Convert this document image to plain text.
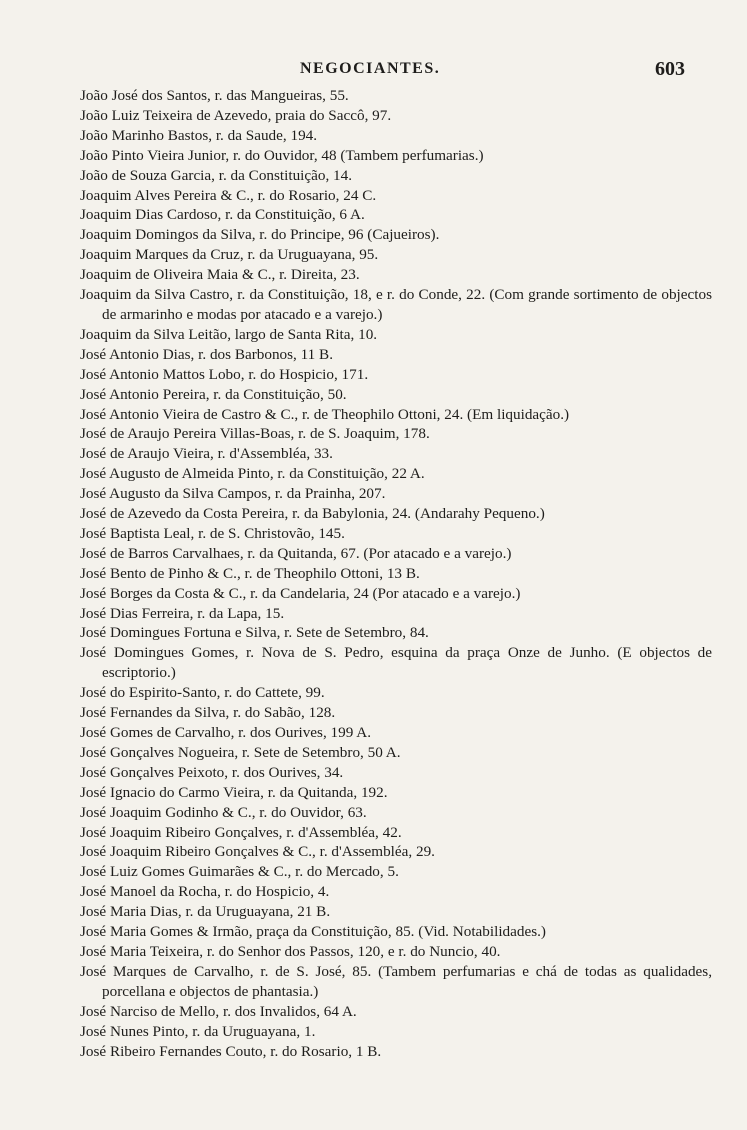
NEGOCIANTES.	603

João José dos Santos, r. das Mangueiras, 55.

João Luiz Teixeira de Azevedo, praia do Saccô, 97.

João Marinho Bastos, r. da Saude, 194.

João Pinto Vieira Junior, r. do Ouvidor, 48 (Tambem perfumarias.)

João de Souza Garcia, r. da Constituição, 14.

Joaquim Alves Pereira & C., r. do Rosario, 24 C.

Joaquim Dias Cardoso, r. da Constituição, 6 A.

Joaquim Domingos da Silva, r. do Principe, 96 (Cajueiros).

Joaquim Marques da Cruz, r. da Uruguayana, 95.

Joaquim de Oliveira Maia & C., r. Direita, 23.

Joaquim da Silva Castro, r. da Constituição, 18, e r. do Conde, 22. (Com grande sortimento de objectos de armarinho e modas por atacado e a varejo.)

Joaquim da Silva Leitão, largo de Santa Rita, 10.

José Antonio Dias, r. dos Barbonos, 11 B.

José Antonio Mattos Lobo, r. do Hospicio, 171.

José Antonio Pereira, r. da Constituição, 50.

José Antonio Vieira de Castro & C., r. de Theophilo Ottoni, 24. (Em liquidação.)

José de Araujo Pereira Villas-Boas, r. de S. Joaquim, 178.

José de Araujo Vieira, r. d'Assembléa, 33.

José Augusto de Almeida Pinto, r. da Constituição, 22 A.

José Augusto da Silva Campos, r. da Prainha, 207.

José de Azevedo da Costa Pereira, r. da Babylonia, 24. (Andarahy Pequeno.)

José Baptista Leal, r. de S. Christovão, 145.

José de Barros Carvalhaes, r. da Quitanda, 67. (Por atacado e a varejo.)

José Bento de Pinho & C., r. de Theophilo Ottoni, 13 B.

José Borges da Costa & C., r. da Candelaria, 24 (Por atacado e a varejo.)

José Dias Ferreira, r. da Lapa, 15.

José Domingues Fortuna e Silva, r. Sete de Setembro, 84.

José Domingues Gomes, r. Nova de S. Pedro, esquina da praça Onze de Junho. (E objectos de escriptorio.)

José do Espirito-Santo, r. do Cattete, 99.

José Fernandes da Silva, r. do Sabão, 128.

José Gomes de Carvalho, r. dos Ourives, 199 A.

José Gonçalves Nogueira, r. Sete de Setembro, 50 A.

José Gonçalves Peixoto, r. dos Ourives, 34.

José Ignacio do Carmo Vieira, r. da Quitanda, 192.

José Joaquim Godinho & C., r. do Ouvidor, 63.

José Joaquim Ribeiro Gonçalves, r. d'Assembléa, 42.

José Joaquim Ribeiro Gonçalves & C., r. d'Assembléa, 29.

José Luiz Gomes Guimarães & C., r. do Mercado, 5.

José Manoel da Rocha, r. do Hospicio, 4.

José Maria Dias, r. da Uruguayana, 21 B.

José Maria Gomes & Irmão, praça da Constituição, 85. (Vid. Notabilidades.)

José Maria Teixeira, r. do Senhor dos Passos, 120, e r. do Nuncio, 40.

José Marques de Carvalho, r. de S. José, 85. (Tambem perfumarias e chá de todas as qualidades, porcellana e objectos de phantasia.)

José Narciso de Mello, r. dos Invalidos, 64 A.

José Nunes Pinto, r. da Uruguayana, 1.

José Ribeiro Fernandes Couto, r. do Rosario, 1 B.
